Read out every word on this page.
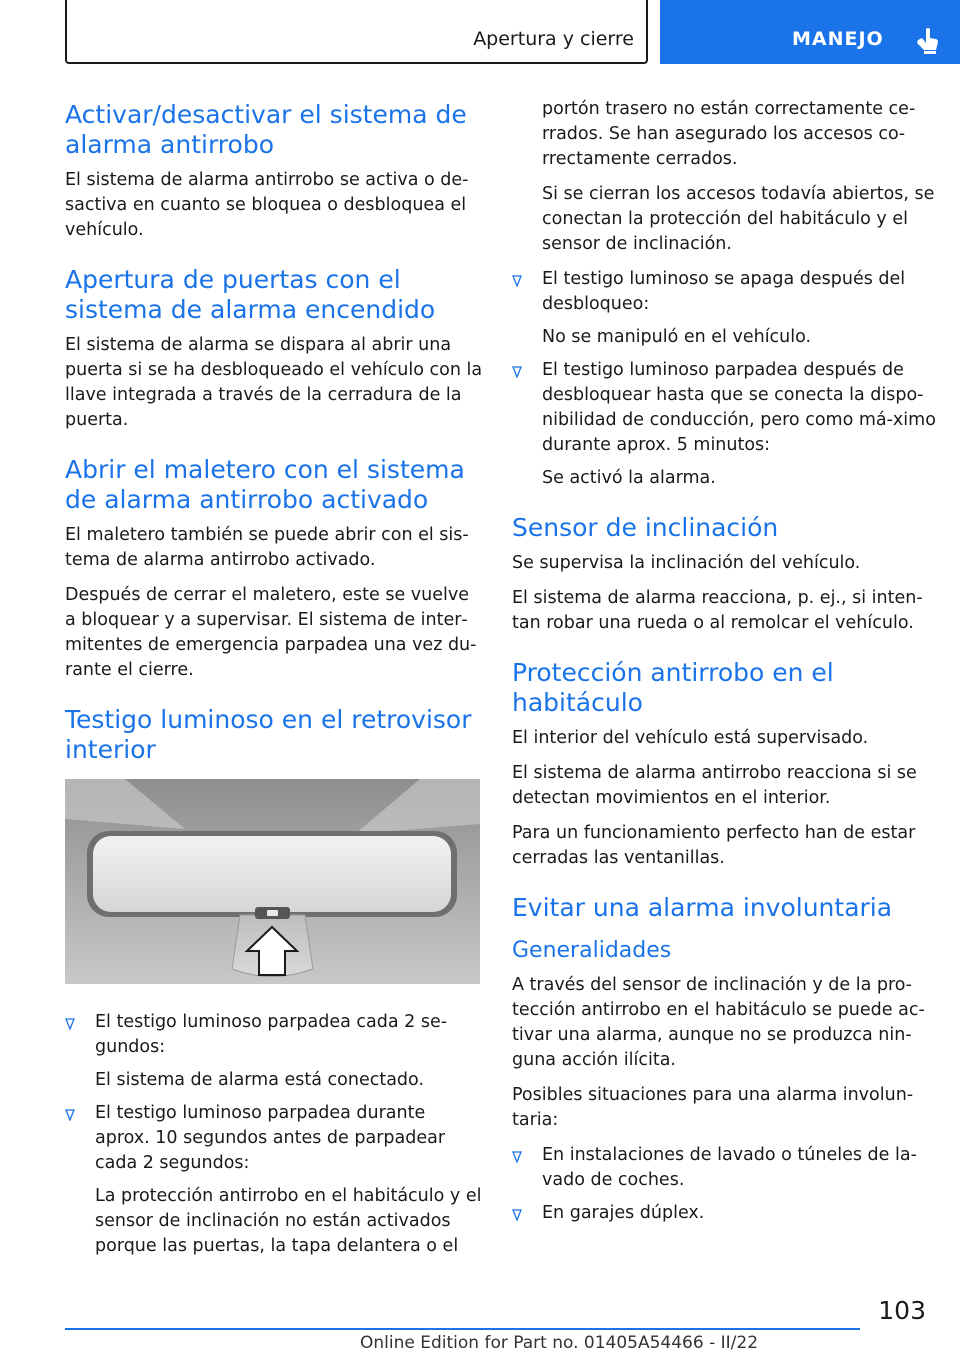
Apertura y cierre	MANEJO
Activar/desactivar el sistema de alarma antirrobo

El sistema de alarma antirrobo se activa o de‐sactiva en cuanto se bloquea o desbloquea el vehículo.

Apertura de puertas con el sistema de alarma encendido

El sistema de alarma se dispara al abrir una puerta si se ha desbloqueado el vehículo con la llave integrada a través de la cerradura de la puerta.

Abrir el maletero con el sistema de alarma antirrobo activado

El maletero también se puede abrir con el sis‐tema de alarma antirrobo activado.

Después de cerrar el maletero, este se vuelve a bloquear y a supervisar. El sistema de inter‐mitentes de emergencia parpadea una vez du‐rante el cierre.

Testigo luminoso en el retrovisor interior

El testigo luminoso parpadea cada 2 se‐gundos:

El sistema de alarma está conectado.

El testigo luminoso parpadea durante aprox. 10 segundos antes de parpadear cada 2 segundos:

La protección antirrobo en el habitáculo y el sensor de inclinación no están activados porque las puertas, la tapa delantera o el

portón trasero no están correctamente ce‐rrados. Se han asegurado los accesos co‐rrectamente cerrados.

Si se cierran los accesos todavía abiertos, se conectan la protección del habitáculo y el sensor de inclinación.

El testigo luminoso se apaga después del desbloqueo:

No se manipuló en el vehículo.

El testigo luminoso parpadea después de desbloquear hasta que se conecta la dispo‐nibilidad de conducción, pero como má‐ximo durante aprox. 5 minutos:

Se activó la alarma.

Sensor de inclinación

Se supervisa la inclinación del vehículo.

El sistema de alarma reacciona, p. ej., si inten‐tan robar una rueda o al remolcar el vehículo.

Protección antirrobo en el habitáculo

El interior del vehículo está supervisado.

El sistema de alarma antirrobo reacciona si se detectan movimientos en el interior.

Para un funcionamiento perfecto han de estar cerradas las ventanillas.

Evitar una alarma involuntaria
Generalidades

A través del sensor de inclinación y de la pro‐tección antirrobo en el habitáculo se puede ac‐tivar una alarma, aunque no se produzca nin‐guna acción ilícita.

Posibles situaciones para una alarma involun‐taria:

En instalaciones de lavado o túneles de la‐vado de coches.

En garajes dúplex.

103
Online Edition for Part no. 01405A54466 - II/22
